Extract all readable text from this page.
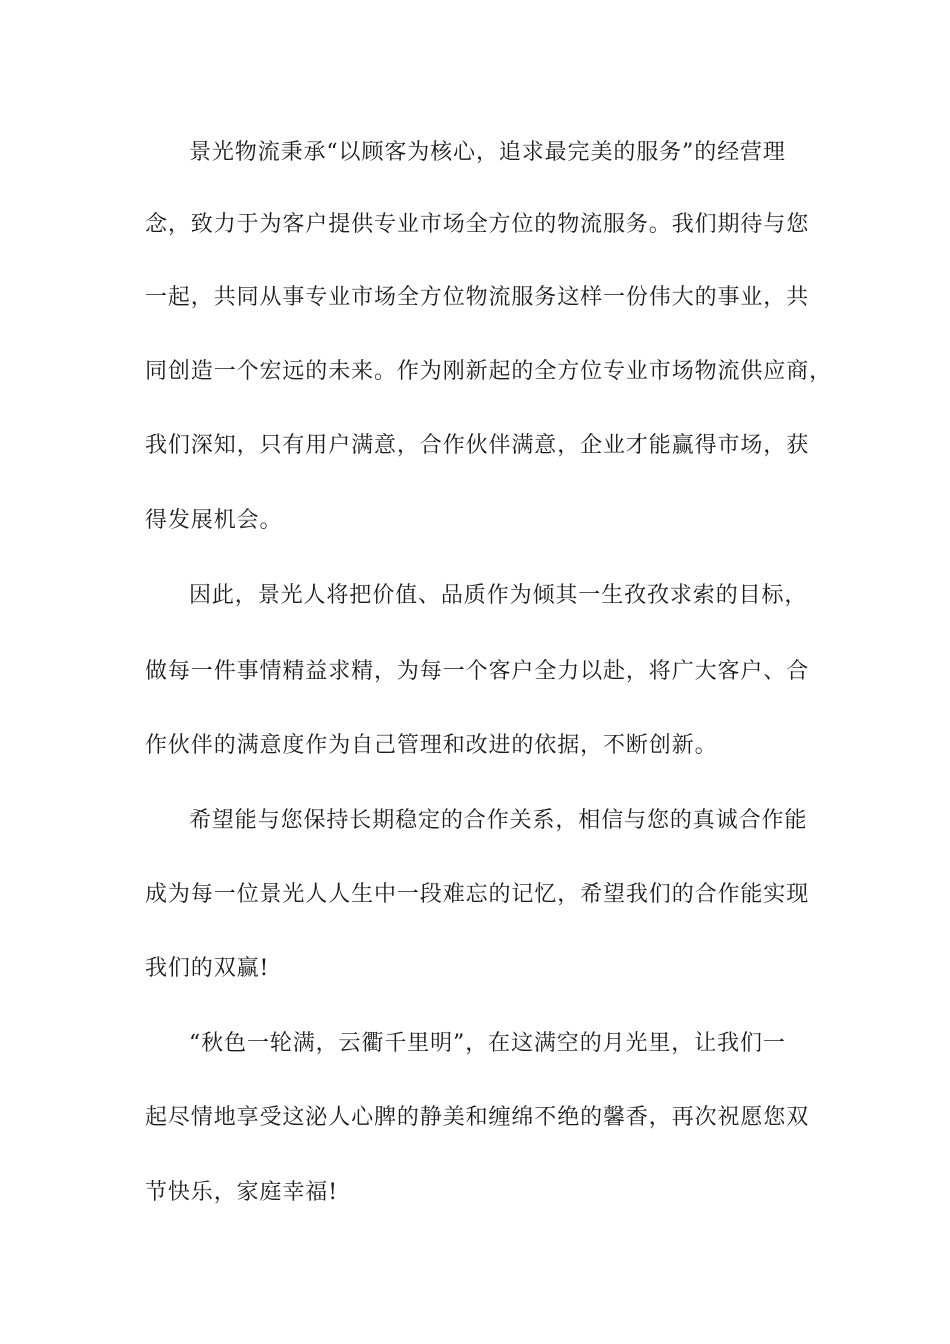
景光物流秉承“以顾客为核心，追求最完美的服务”的经营理
念，致力于为客户提供专业市场全方位的物流服务。我们期待与您
一起，共同从事专业市场全方位物流服务这样一份伟大的事业，共
同创造一个宏远的未来。作为刚新起的全方位专业市场物流供应商，
我们深知，只有用户满意，合作伙伴满意，企业才能赢得市场，获
得发展机会。
因此，景光人将把价值、品质作为倾其一生孜孜求索的目标，
做每一件事情精益求精，为每一个客户全力以赴，将广大客户、合
作伙伴的满意度作为自己管理和改进的依据，不断创新。
希望能与您保持长期稳定的合作关系，相信与您的真诚合作能
成为每一位景光人人生中一段难忘的记忆，希望我们的合作能实现
我们的双赢!
“秋色一轮满，云衢千里明”，在这满空的月光里，让我们一
起尽情地享受这泌人心脾的静美和缠绵不绝的馨香，再次祝愿您双
节快乐，家庭幸福!
